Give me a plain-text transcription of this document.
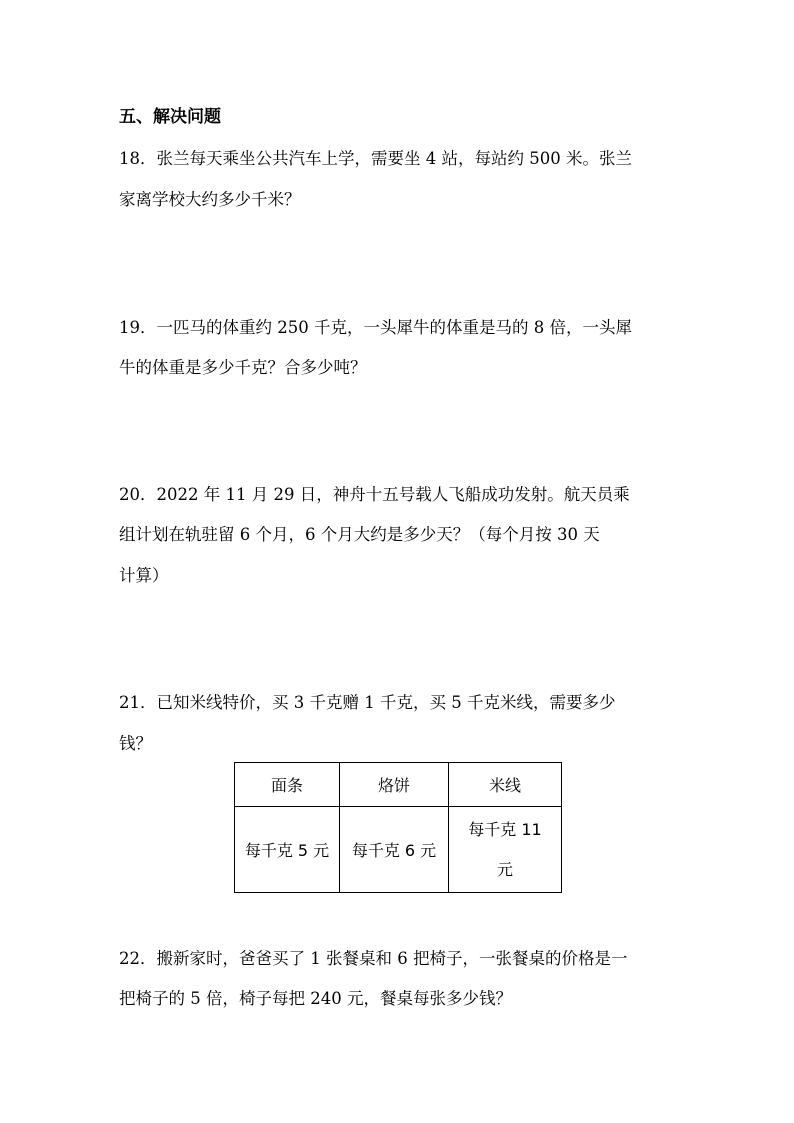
五、解决问题
18．张兰每天乘坐公共汽车上学，需要坐 4 站，每站约 500 米。张兰
家离学校大约多少千米？
19．一匹马的体重约 250 千克，一头犀牛的体重是马的 8 倍，一头犀
牛的体重是多少千克？合多少吨？
20．2022 年 11 月 29 日，神舟十五号载人飞船成功发射。航天员乘
组计划在轨驻留 6 个月，6 个月大约是多少天？（每个月按 30 天
计算）
21．已知米线特价，买 3 千克赠 1 千克，买 5 千克米线，需要多少
钱？
面条	烙饼	米线
每千克 5 元	每千克 6 元	每千克 11 元
22．搬新家时，爸爸买了 1 张餐桌和 6 把椅子，一张餐桌的价格是一
把椅子的 5 倍，椅子每把 240 元，餐桌每张多少钱？
